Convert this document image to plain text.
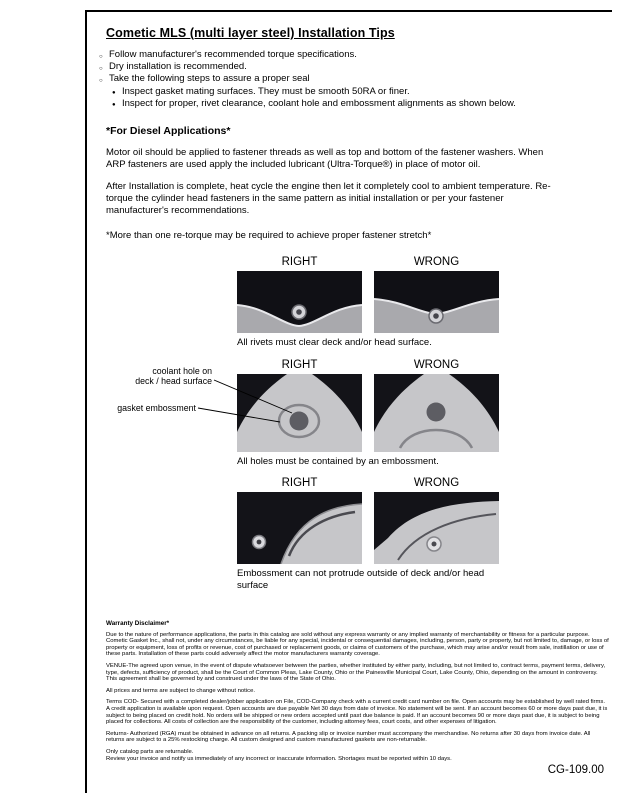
Cometic MLS (multi layer steel) Installation Tips
○ Follow manufacturer's recommended torque specifications.
○ Dry installation is recommended.
○ Take the following steps to assure a proper seal
● Inspect gasket mating surfaces. They must be smooth 50RA or finer.
● Inspect for proper, rivet clearance, coolant hole and embossment alignments as shown below.
*For Diesel Applications*
Motor oil should be applied to fastener threads as well as top and bottom of the fastener washers. When ARP fasteners are used apply the included lubricant (Ultra-Torque®) in place of motor oil.
After Installation is complete, heat cycle the engine then let it completely cool to ambient temperature. Re-torque the cylinder head fasteners in the same pattern as initial installation or per your fastener manufacturer's recommendations.
*More than one re-torque may be required to achieve proper fastener stretch*
RIGHT	WRONG
All rivets must clear deck and/or head surface.
RIGHT	WRONG
All holes must be contained by an embossment.
coolant hole on
deck / head surface
gasket embossment
RIGHT	WRONG
Embossment can not protrude outside of deck and/or head surface
Warranty Disclaimer*

Due to the nature of performance applications, the parts in this catalog are sold without any express warranty or any implied warranty of merchantability or fitness for a particular purpose. Cometic Gasket Inc., shall not, under any circumstances, be liable for any special, incidental or consequential damages, including, person, party or property, but not limited to, damage, or loss of property or equipment, loss of profits or revenue, cost of purchased or replacement goods, or claims of customers of the purchase, which may arise and/or result from sale, instillation or use of these parts. Installation of these parts could adversely affect the motor manufacturers warranty coverage.

VENUE-The agreed upon venue, in the event of dispute whatsoever between the parties, whether instituted by either party, including, but not limited to, contract terms, payment terms, delivery, type, defects, sufficiency of product, shall be the Court of Common Pleas, Lake County, Ohio or the Painesville Municipal Court, Lake County, Ohio, depending on the amount in controversy. This agreement shall be governed by and construed under the laws of the State of Ohio.

All prices and terms are subject to change without notice.

Terms COD- Secured with a completed dealer/jobber application on File, COD-Company check with a current credit card number on file. Open accounts may be established by well rated firms. A credit application is available upon request. Open accounts are due payable Net 30 days from date of invoice. No statement will be sent. If an account becomes 60 or more days past due, it is subject to being placed on credit hold. No orders will be shipped or new orders accepted until past due balance is paid. If an account becomes 90 or more days past due, it is subject to being placed for collections. All costs of collection are the responsibility of the customer, including attorney fees, court costs, and other expenses of litigation.

Returns- Authorized (RGA) must be obtained in advance on all returns. A packing slip or invoice number must accompany the merchandise. No returns after 30 days from invoice date. All returns are subject to a 25% restocking charge. All custom designed and custom manufactured gaskets are non-returnable.

Only catalog parts are returnable.

Review your invoice and notify us immediately of any incorrect or inaccurate information. Shortages must be reported within 10 days.

CG-109.00
